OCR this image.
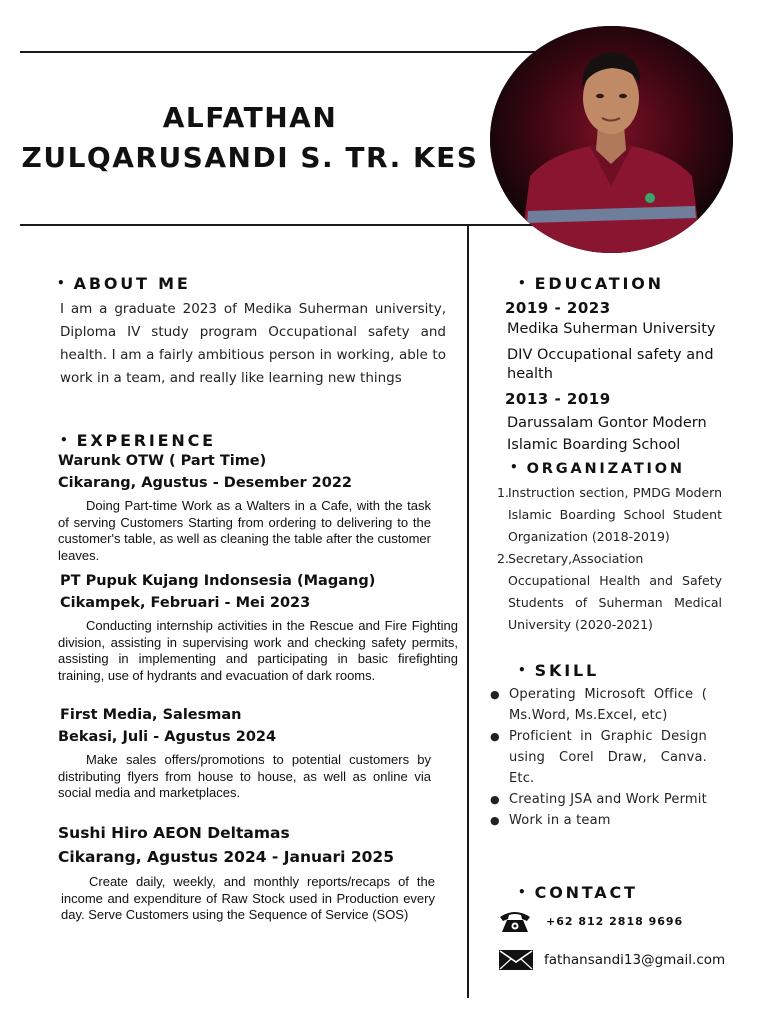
ALFATHAN
ZULQARUSANDI S. TR. KES
• ABOUT ME
I am a graduate 2023 of Medika Suherman university, Diploma IV study program Occupational safety and health. I am a fairly ambitious person in working, able to work in a team, and really like learning new things
• EXPERIENCE
Warunk OTW ( Part Time)
Cikarang, Agustus - Desember 2022
Doing Part-time Work as a Walters in a Cafe, with the task of serving Customers Starting from ordering to delivering to the customer's table, as well as cleaning the table after the customer leaves.
PT Pupuk Kujang Indonsesia (Magang)
Cikampek, Februari - Mei 2023
Conducting internship activities in the Rescue and Fire Fighting division, assisting in supervising work and checking safety permits, assisting in implementing and participating in basic firefighting training, use of hydrants and evacuation of dark rooms.
First Media, Salesman
Bekasi, Juli - Agustus 2024
Make sales offers/promotions to potential customers by distributing flyers from house to house, as well as online via social media and marketplaces.
Sushi Hiro AEON Deltamas
Cikarang, Agustus 2024 - Januari 2025
Create daily, weekly, and monthly reports/recaps of the income and expenditure of Raw Stock used in Production every day. Serve Customers using the Sequence of Service (SOS)
• EDUCATION
2019 - 2023
Medika Suherman University
DIV Occupational safety and health
2013 - 2019
Darussalam Gontor Modern Islamic Boarding School
• ORGANIZATION
1. Instruction section, PMDG Modern Islamic Boarding School Student Organization (2018-2019)
2. Secretary,Association Occupational Health and Safety Students of Suherman Medical University (2020-2021)
• SKILL
● Operating Microsoft Office ( Ms.Word, Ms.Excel, etc)
● Proficient in Graphic Design using Corel Draw, Canva. Etc.
● Creating JSA and Work Permit
● Work in a team
• CONTACT
+62 812 2818 9696
fathansandi13@gmail.com
